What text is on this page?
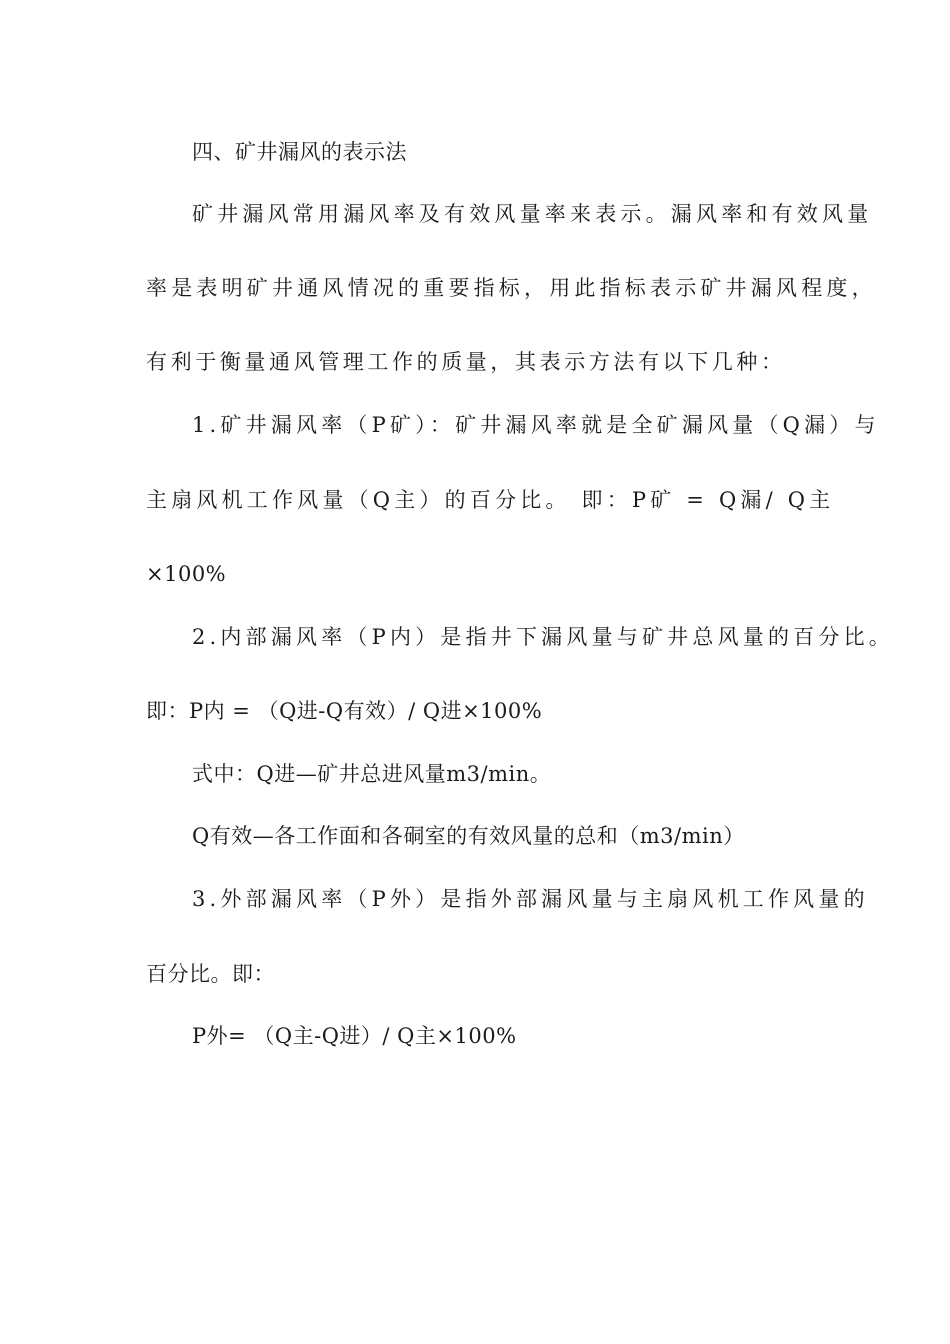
四、矿井漏风的表示法
矿井漏风常用漏风率及有效风量率来表示。漏风率和有效风量
率是表明矿井通风情况的重要指标，用此指标表示矿井漏风程度，
有利于衡量通风管理工作的质量，其表示方法有以下几种：
1.矿井漏风率（P矿）：矿井漏风率就是全矿漏风量（Q漏）与
主扇风机工作风量（Q主）的百分比。 即：P矿 = Q漏/ Q主
×100%
2.内部漏风率（P内）是指井下漏风量与矿井总风量的百分比。
即：P内 = （Q进-Q有效）/ Q进×100%
式中：Q进—矿井总进风量m3/min。
Q有效—各工作面和各硐室的有效风量的总和（m3/min）
3.外部漏风率（P外）是指外部漏风量与主扇风机工作风量的
百分比。即：
P外= （Q主-Q进）/ Q主×100%
